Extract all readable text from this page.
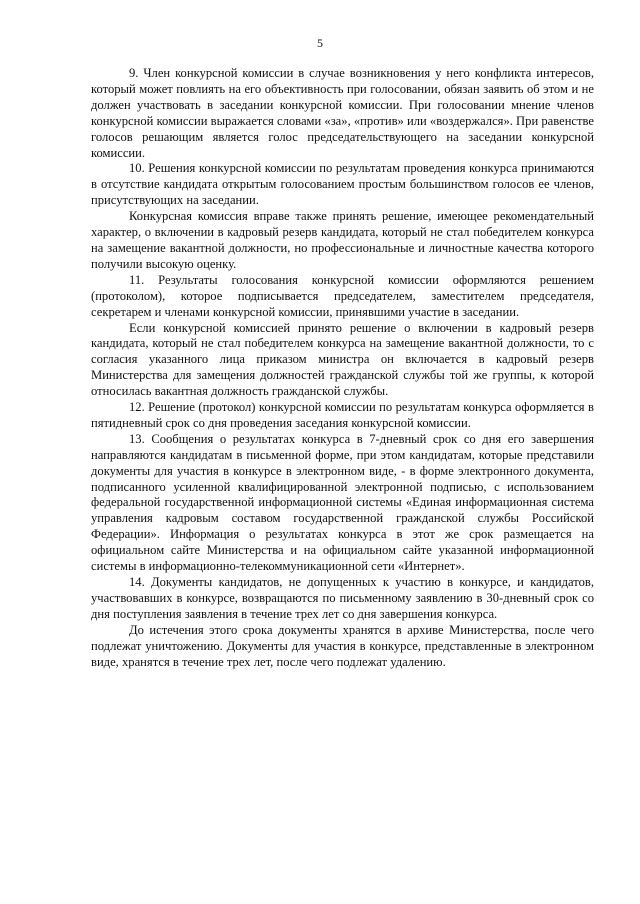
5

9. Член конкурсной комиссии в случае возникновения у него конфликта интересов, который может повлиять на его объективность при голосовании, обязан заявить об этом и не должен участвовать в заседании конкурсной комиссии. При голосовании мнение членов конкурсной комиссии выражается словами «за», «против» или «воздержался». При равенстве голосов решающим является голос председательствующего на заседании конкурсной комиссии.

10. Решения конкурсной комиссии по результатам проведения конкурса принимаются в отсутствие кандидата открытым голосованием простым большинством голосов ее членов, присутствующих на заседании.

Конкурсная комиссия вправе также принять решение, имеющее рекомендательный характер, о включении в кадровый резерв кандидата, который не стал победителем конкурса на замещение вакантной должности, но профессиональные и личностные качества которого получили высокую оценку.

11. Результаты голосования конкурсной комиссии оформляются решением (протоколом), которое подписывается председателем, заместителем председателя, секретарем и членами конкурсной комиссии, принявшими участие в заседании.

Если конкурсной комиссией принято решение о включении в кадровый резерв кандидата, который не стал победителем конкурса на замещение вакантной должности, то с согласия указанного лица приказом министра он включается в кадровый резерв Министерства для замещения должностей гражданской службы той же группы, к которой относилась вакантная должность гражданской службы.

12. Решение (протокол) конкурсной комиссии по результатам конкурса оформляется в пятидневный срок со дня проведения заседания конкурсной комиссии.

13. Сообщения о результатах конкурса в 7-дневный срок со дня его завершения направляются кандидатам в письменной форме, при этом кандидатам, которые представили документы для участия в конкурсе в электронном виде, - в форме электронного документа, подписанного усиленной квалифицированной электронной подписью, с использованием федеральной государственной информационной системы «Единая информационная система управления кадровым составом государственной гражданской службы Российской Федерации». Информация о результатах конкурса в этот же срок размещается на официальном сайте Министерства и на официальном сайте указанной информационной системы в информационно-телекоммуникационной сети «Интернет».

14. Документы кандидатов, не допущенных к участию в конкурсе, и кандидатов, участвовавших в конкурсе, возвращаются по письменному заявлению в 30-дневный срок со дня поступления заявления в течение трех лет со дня завершения конкурса.

До истечения этого срока документы хранятся в архиве Министерства, после чего подлежат уничтожению. Документы для участия в конкурсе, представленные в электронном виде, хранятся в течение трех лет, после чего подлежат удалению.
